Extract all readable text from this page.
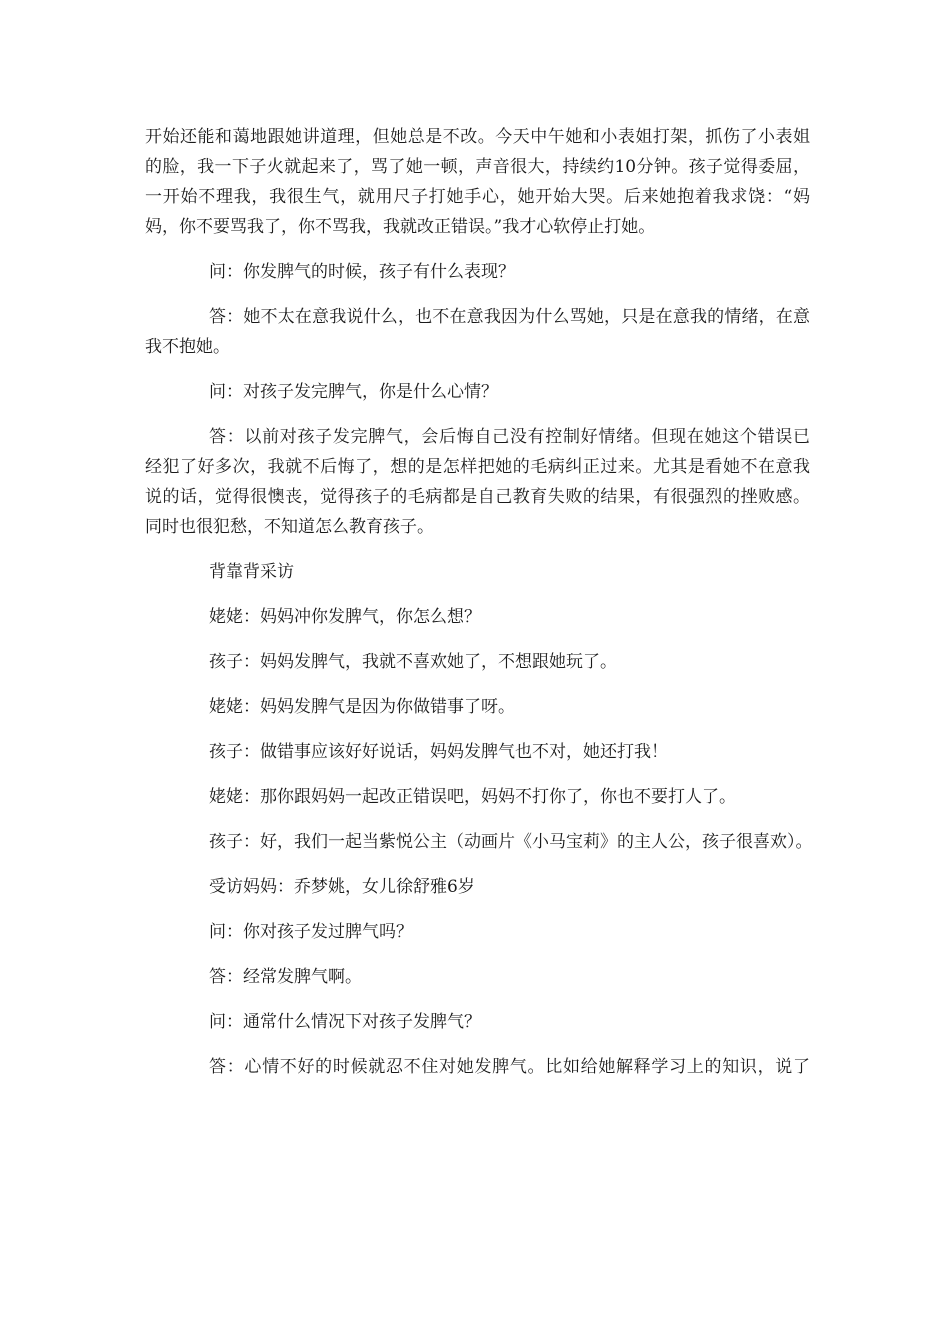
开始还能和蔼地跟她讲道理，但她总是不改。今天中午她和小表姐打架，抓伤了小表姐

的脸，我一下子火就起来了，骂了她一顿，声音很大，持续约10分钟。孩子觉得委屈，

一开始不理我，我很生气，就用尺子打她手心，她开始大哭。后来她抱着我求饶：“妈

妈，你不要骂我了，你不骂我，我就改正错误。”我才心软停止打她。

问：你发脾气的时候，孩子有什么表现？

答：她不太在意我说什么，也不在意我因为什么骂她，只是在意我的情绪，在意

我不抱她。

问：对孩子发完脾气，你是什么心情？

答：以前对孩子发完脾气，会后悔自己没有控制好情绪。但现在她这个错误已

经犯了好多次，我就不后悔了，想的是怎样把她的毛病纠正过来。尤其是看她不在意我

说的话，觉得很懊丧，觉得孩子的毛病都是自己教育失败的结果，有很强烈的挫败感。

同时也很犯愁，不知道怎么教育孩子。

背靠背采访

姥姥：妈妈冲你发脾气，你怎么想？

孩子：妈妈发脾气，我就不喜欢她了，不想跟她玩了。

姥姥：妈妈发脾气是因为你做错事了呀。

孩子：做错事应该好好说话，妈妈发脾气也不对，她还打我！

姥姥：那你跟妈妈一起改正错误吧，妈妈不打你了，你也不要打人了。

孩子：好，我们一起当紫悦公主（动画片《小马宝莉》的主人公，孩子很喜欢）。

受访妈妈：乔梦姚，女儿徐舒雅6岁

问：你对孩子发过脾气吗？

答：经常发脾气啊。

问：通常什么情况下对孩子发脾气？

答：心情不好的时候就忍不住对她发脾气。比如给她解释学习上的知识，说了
